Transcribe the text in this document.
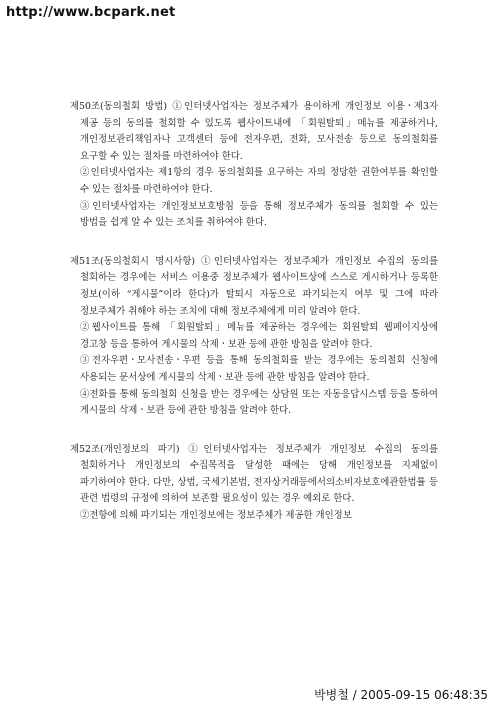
http://www.bcpark.net

제50조(동의철회 방법) ①인터넷사업자는 정보주체가 용이하게 개인정보 이용ㆍ제3자 제공 등의 동의를 철회할 수 있도록 웹사이트내에 「회원탈퇴」메뉴를 제공하거나, 개인정보관리책임자나 고객센터 등에 전자우편, 전화, 모사전송 등으로 동의철회를 요구할 수 있는 절차를 마련하여야 한다.

②인터넷사업자는 제1항의 경우 동의철회를 요구하는 자의 정당한 권한여부를 확인할 수 있는 절차를 마련하여야 한다.

③인터넷사업자는 개인정보보호방침 등을 통해 정보주체가 동의를 철회할 수 있는 방법을 쉽게 알 수 있는 조치를 취하여야 한다.

제51조(동의철회시 명시사항) ①인터넷사업자는 정보주체가 개인정보 수집의 동의를 철회하는 경우에는 서비스 이용중 정보주체가 웹사이트상에 스스로 게시하거나 등록한 정보(이하 “게시물”이라 한다)가 탈퇴시 자동으로 파기되는지 여부 및 그에 따라 정보주체가 취해야 하는 조치에 대해 정보주체에게 미리 알려야 한다.

②웹사이트를 통해 「회원탈퇴」메뉴를 제공하는 경우에는 회원탈퇴 웹페이지상에 경고창 등을 통하여 게시물의 삭제ㆍ보관 등에 관한 방침을 알려야 한다.

③전자우편ㆍ모사전송ㆍ우편 등을 통해 동의철회를 받는 경우에는 동의철회 신청에 사용되는 문서상에 게시물의 삭제ㆍ보관 등에 관한 방침을 알려야 한다.

④전화를 통해 동의철회 신청을 받는 경우에는 상담원 또는 자동응답시스템 등을 통하여 게시물의 삭제ㆍ보관 등에 관한 방침을 알려야 한다.

제52조(개인정보의 파기) ①인터넷사업자는 정보주체가 개인정보 수집의 동의를 철회하거나 개인정보의 수집목적을 달성한 때에는 당해 개인정보를 지체없이 파기하여야 한다. 다만, 상법, 국세기본법, 전자상거래등에서의소비자보호에관한법률 등 관련 법령의 규정에 의하여 보존할 필요성이 있는 경우 예외로 한다.

②전항에 의해 파기되는 개인정보에는 정보주체가 제공한 개인정보

박병철 / 2005-09-15 06:48:35
